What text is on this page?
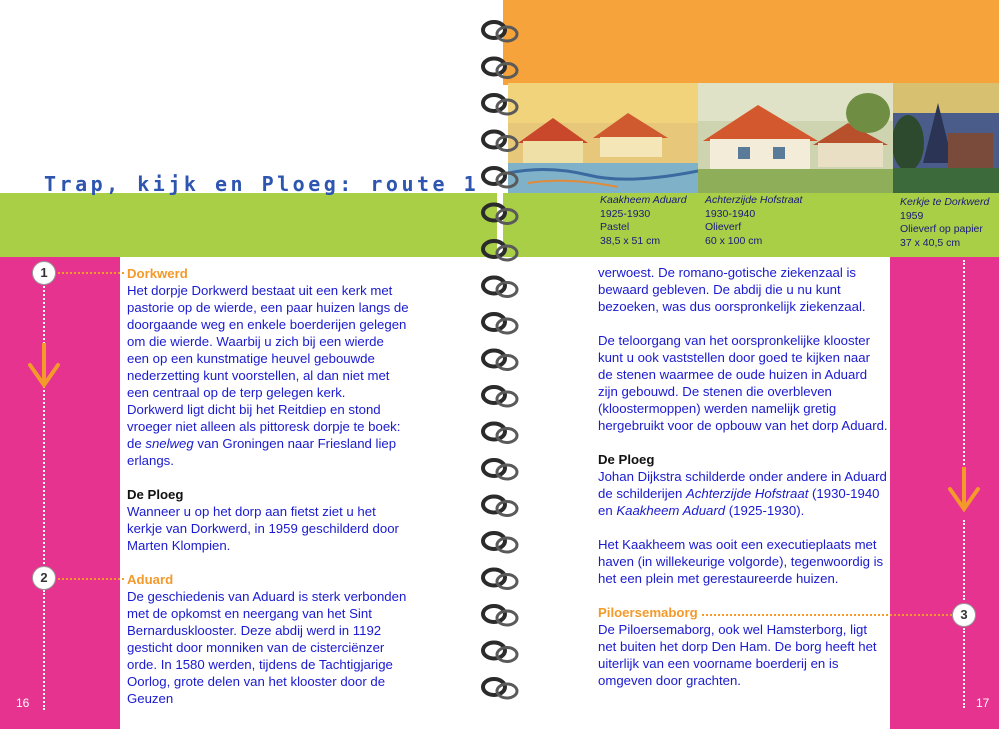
Trap, kijk en Ploeg: route 1
Kaakheem Aduard
1925-1930
Pastel
38,5 x 51 cm
Achterzijde Hofstraat
1930-1940
Olieverf
60 x 100 cm
Kerkje te Dorkwerd
1959
Olieverf op papier
37 x 40,5 cm
1
2
16
3
17
Dorkwerd

Het dorpje Dorkwerd bestaat uit een kerk met pastorie op de wierde, een paar huizen langs de doorgaande weg en enkele boerderijen gelegen om die wierde. Waarbij u zich bij een wierde een op een kunstmatige heuvel gebouwde nederzetting kunt voorstellen, al dan niet met een centraal op de terp gelegen kerk.

Dorkwerd ligt dicht bij het Reitdiep en stond vroeger niet alleen als pittoresk dorpje te boek: de snelweg van Groningen naar Friesland liep erlangs.

De Ploeg

Wanneer u op het dorp aan fietst ziet u het kerkje van Dorkwerd, in 1959 geschilderd door Marten Klompien.

Aduard

De geschiedenis van Aduard is sterk verbonden met de opkomst en neergang van het Sint Bernardusklooster. Deze abdij werd in 1192 gesticht door monniken van de cisterciënzer orde. In 1580 werden, tijdens de Tachtigjarige Oorlog, grote delen van het klooster door de Geuzen

verwoest. De romano-gotische ziekenzaal is bewaard gebleven. De abdij die u nu kunt bezoeken, was dus oorspronkelijk ziekenzaal.

De teloorgang van het oorspronkelijke klooster kunt u ook vaststellen door goed te kijken naar de stenen waarmee de oude huizen in Aduard zijn gebouwd. De stenen die overbleven (kloostermoppen) werden namelijk gretig hergebruikt voor de opbouw van het dorp Aduard.

De Ploeg

Johan Dijkstra schilderde onder andere in Aduard de schilderijen Achterzijde Hofstraat (1930-1940 en Kaakheem Aduard (1925-1930).

Het Kaakheem was ooit een executieplaats met haven (in willekeurige volgorde), tegenwoordig is het een plein met gerestaureerde huizen.

Piloersemaborg

De Piloersemaborg, ook wel Hamsterborg, ligt net buiten het dorp Den Ham. De borg heeft het uiterlijk van een voorname boerderij en is omgeven door grachten.
